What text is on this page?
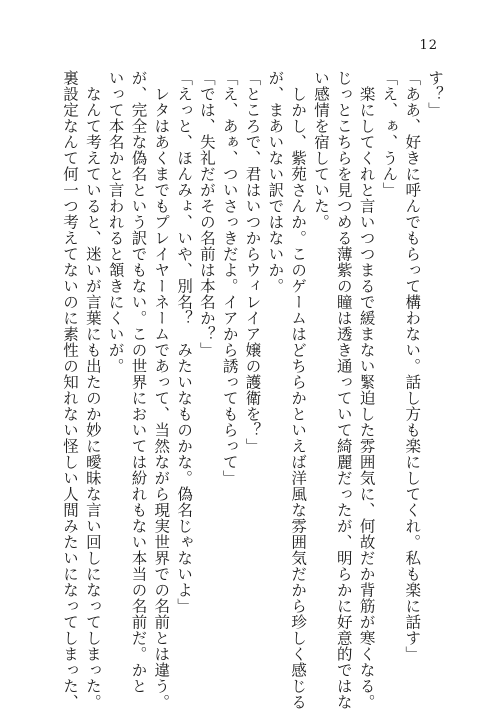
12
す？」
「ああ、好きに呼んでもらって構わない。話し方も楽にしてくれ。私も楽に話す」
「え、ぁ、うん」
　楽にしてくれと言いつつまるで緩まない緊迫した雰囲気に、何故だか背筋が寒くなる。
じっとこちらを見つめる薄紫の瞳は透き通っていて綺麗だったが、明らかに好意的ではな
い感情を宿していた。
　しかし、紫苑さんか。このゲームはどちらかといえば洋風な雰囲気だから珍しく感じる
が、まあいない訳ではないか。
「ところで、君はいつからウィレイア嬢の護衛を？」
「え、あぁ、ついさっきだよ。イアから誘ってもらって」
「では、失礼だがその名前は本名か？」
「えっと、ほんみょ、いや、別名？　みたいなものかな。偽名じゃないよ」
　レタはあくまでもプレイヤーネームであって、当然ながら現実世界での名前とは違う。
が、完全な偽名という訳でもない。この世界においては紛れもない本当の名前だ。かと
いって本名かと言われると頷きにくいが。
　なんて考えていると、迷いが言葉にも出たのか妙に曖昧な言い回しになってしまった。
裏設定なんて何一つ考えてないのに素性の知れない怪しい人間みたいになってしまった、
